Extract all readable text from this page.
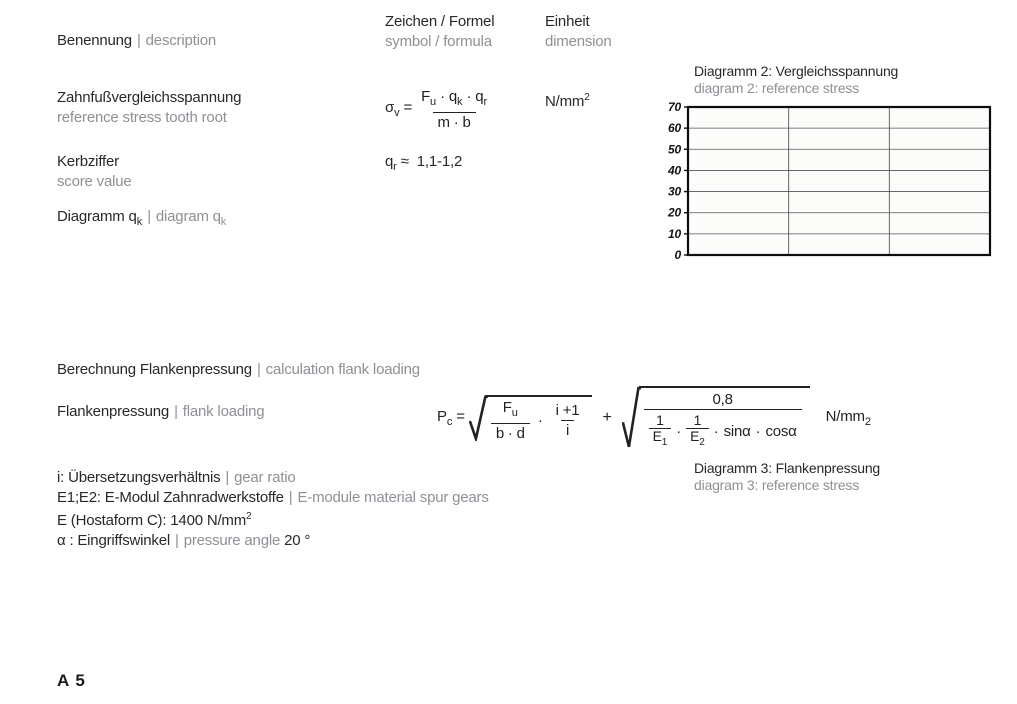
Benennung | description
Zeichen / Formel
symbol / formula
Einheit
dimension
Zahnfußvergleichsspannung
reference stress tooth root
$\sigma_v = \frac{F_u \cdot q_k \cdot q_r}{m \cdot b}$	$N/mm^2$
Kerbziffer
score value
$q_r \approx 1,1-1,2$
Diagramm $q_k$ | diagram $q_k$
Berechnung Flankenpressung | calculation flank loading
Flankenpressung | flank loading	$P_c = \frac{F_u}{b \cdot d} \cdot \frac{i +1}{i}$ +
0,8
1
$E_1$
·
1
$E_2$
· sinα · cosα
$N/mm_2$
i: Übersetzungsverhältnis | gear ratio
E1;E2: E-Modul Zahnradwerkstoffe | E-module material spur gears
E (Hostaform C): 1400 $N/mm^2$
α : Eingriffswinkel | pressure angle 20 °
A 5
Diagramm 2: Vergleichsspannung
diagram 2: reference stress
0
10
20
30
40
50
60
70
Diagramm 3: Flankenpressung
diagram 3: reference stress
